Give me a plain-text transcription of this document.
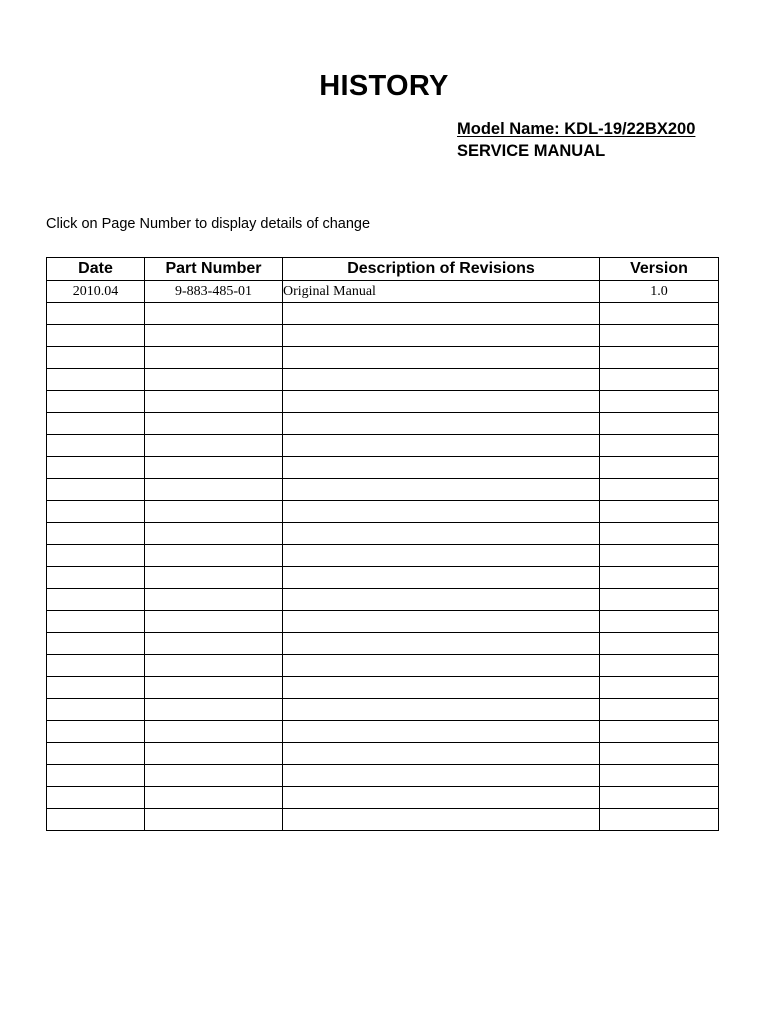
HISTORY
Model Name: KDL-19/22BX200
SERVICE MANUAL
Click on Page Number to display details of change
Date	Part Number	Description of Revisions	Version
2010.04	9-883-485-01	Original Manual	1.0
